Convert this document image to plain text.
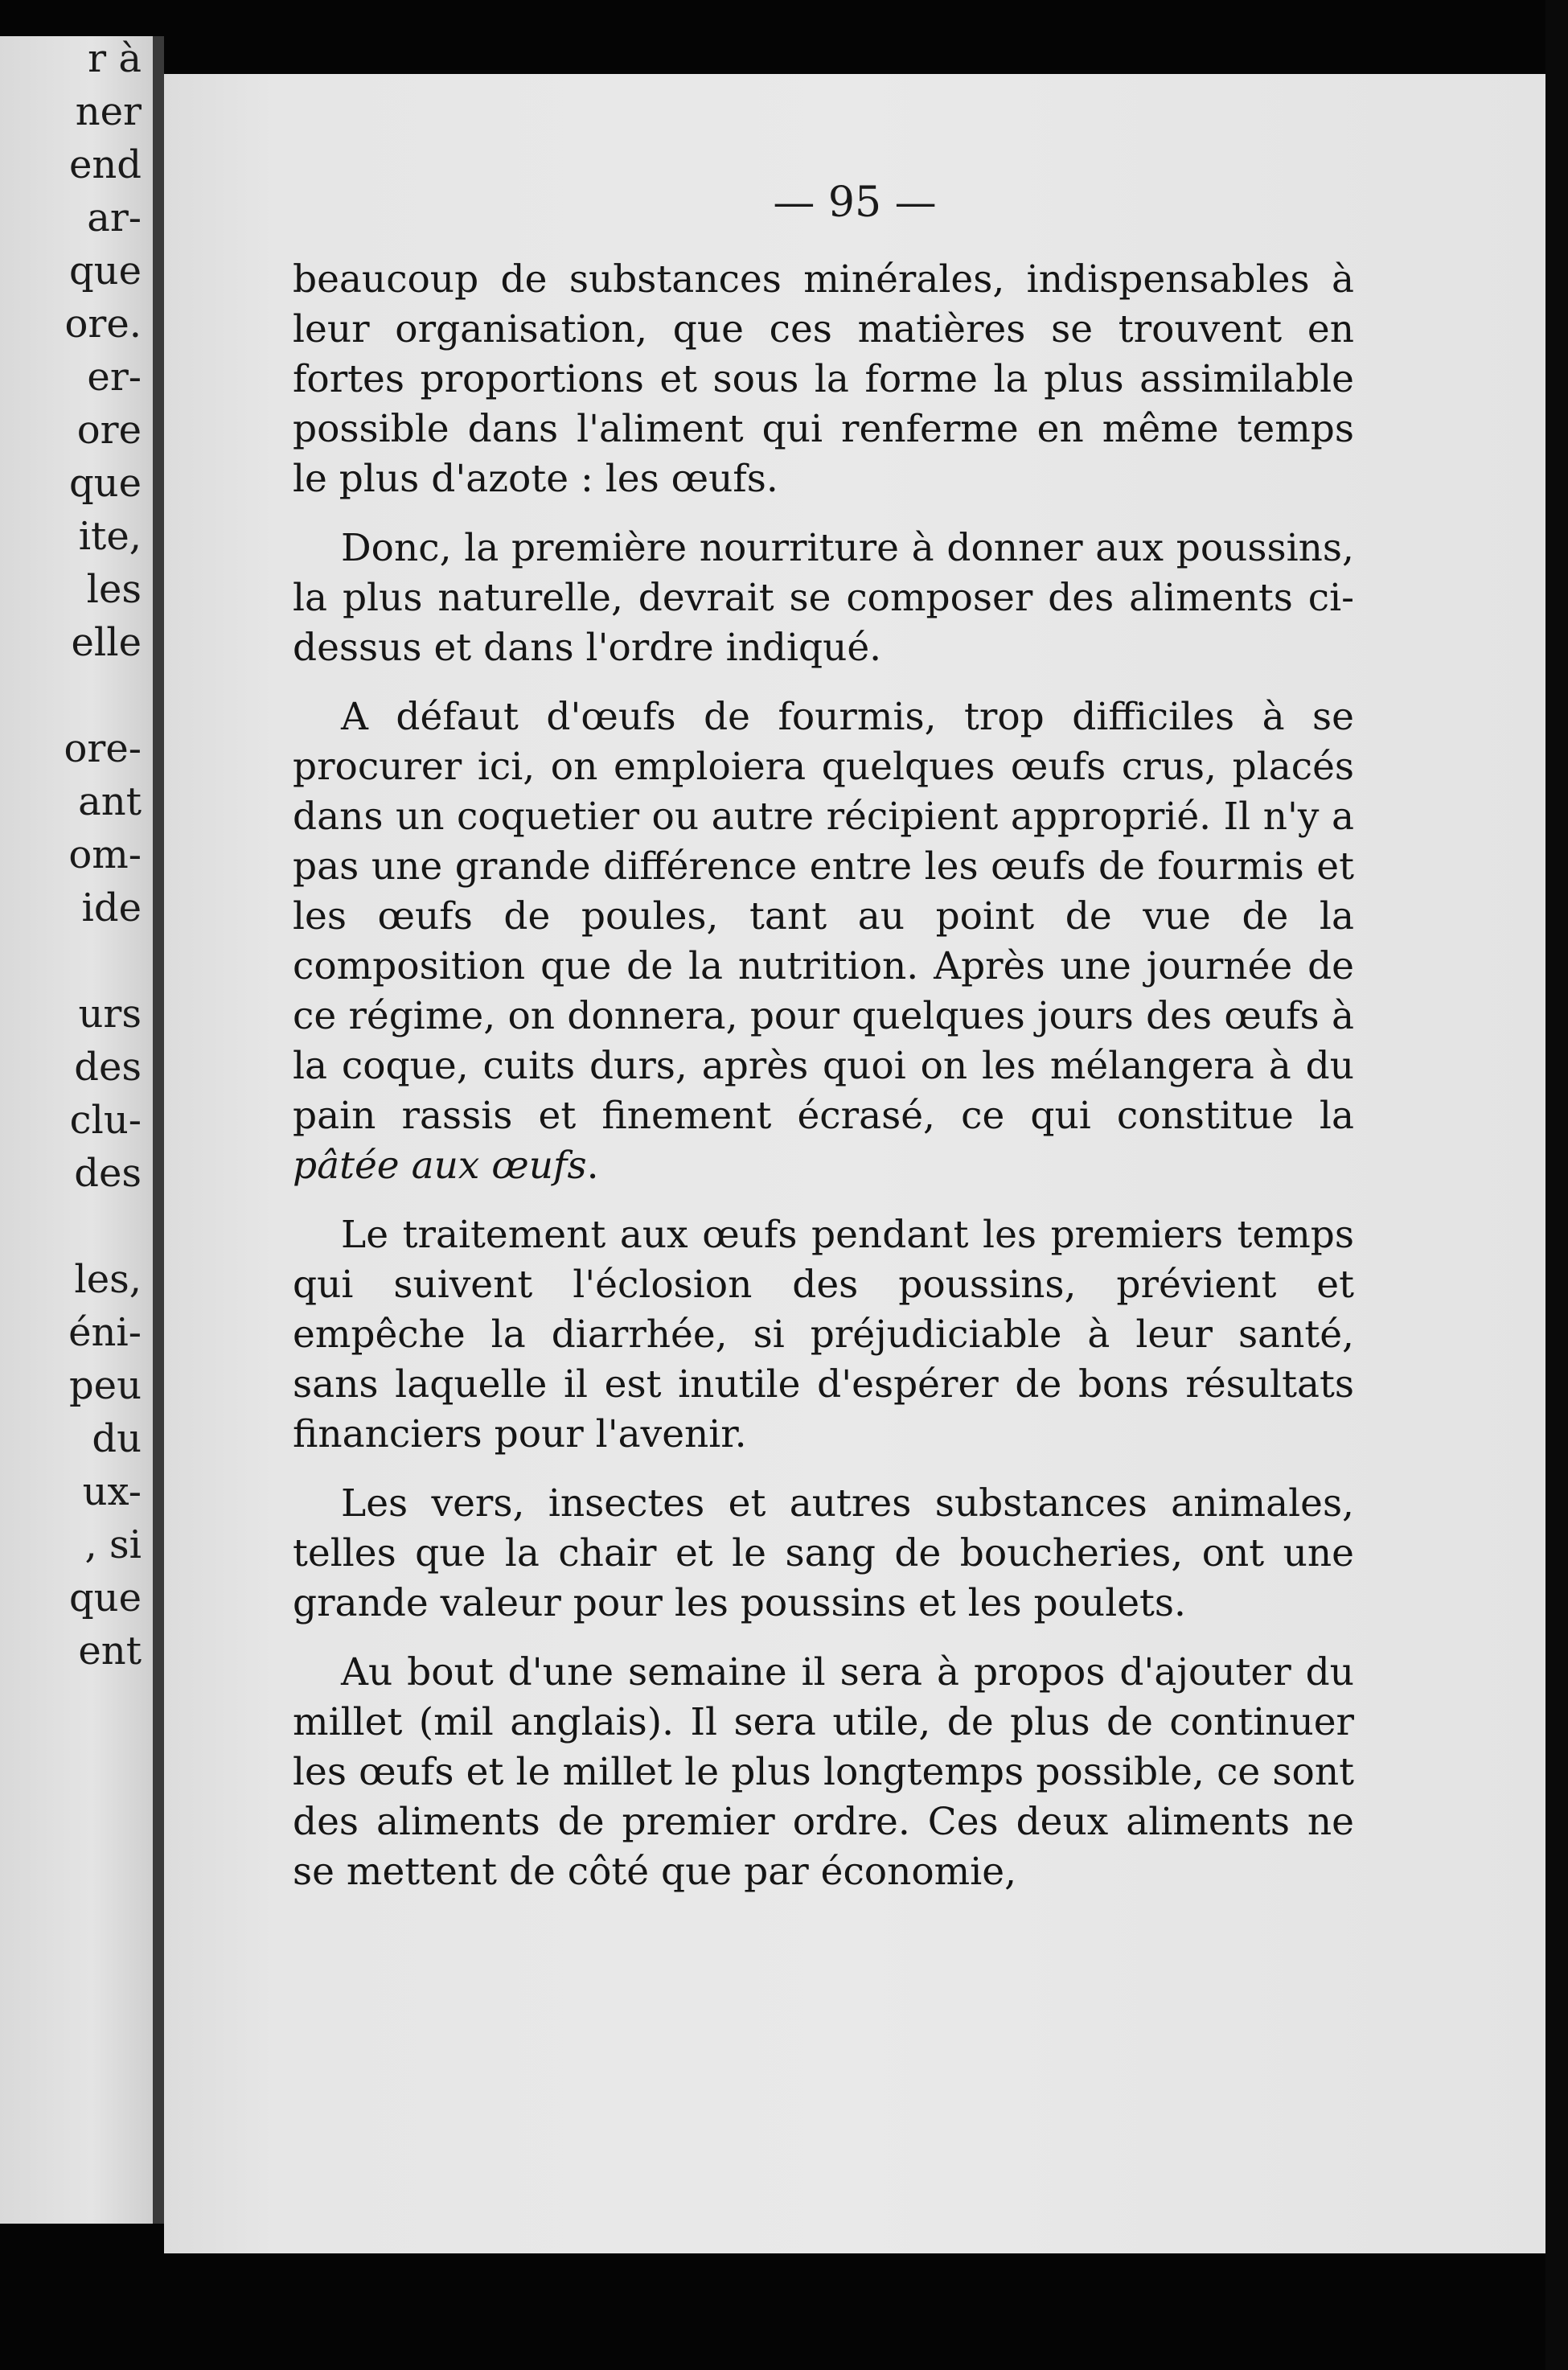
r à
ner
end
ar-
que
ore.
er-
ore
que
ite,
les
elle
ore-
ant
om-
ide
urs
des
clu-
des
les,
éni-
peu
du
ux-
, si
que
ent
— 95 —

beaucoup de substances minérales, indispensables à leur organisation, que ces matières se trouvent en fortes proportions et sous la forme la plus assimilable possible dans l'aliment qui renferme en même temps le plus d'azote : les œufs.

Donc, la première nourriture à donner aux poussins, la plus naturelle, devrait se composer des aliments ci-dessus et dans l'ordre indiqué.

A défaut d'œufs de fourmis, trop difficiles à se procurer ici, on emploiera quelques œufs crus, placés dans un coquetier ou autre récipient approprié. Il n'y a pas une grande différence entre les œufs de fourmis et les œufs de poules, tant au point de vue de la composition que de la nutrition. Après une journée de ce régime, on donnera, pour quelques jours des œufs à la coque, cuits durs, après quoi on les mélangera à du pain rassis et finement écrasé, ce qui constitue la pâtée aux œufs.

Le traitement aux œufs pendant les premiers temps qui suivent l'éclosion des poussins, prévient et empêche la diarrhée, si préjudiciable à leur santé, sans laquelle il est inutile d'espérer de bons résultats financiers pour l'avenir.

Les vers, insectes et autres substances animales, telles que la chair et le sang de boucheries, ont une grande valeur pour les poussins et les poulets.

Au bout d'une semaine il sera à propos d'ajouter du millet (mil anglais). Il sera utile, de plus de continuer les œufs et le millet le plus longtemps possible, ce sont des aliments de premier ordre. Ces deux aliments ne se mettent de côté que par économie,
